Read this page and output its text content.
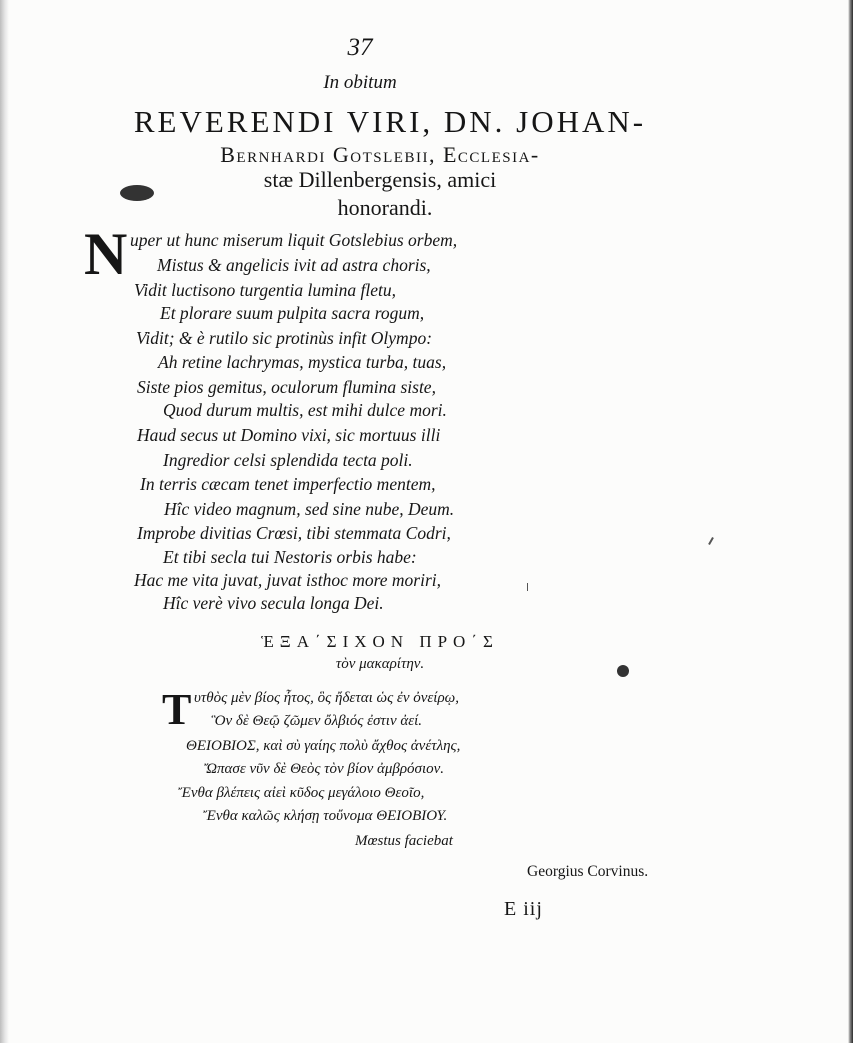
37
In obitum
REVERENDI VIRI, DN. JOHAN-
Bernhardi Gotslebii, Ecclesia-
stæ Dillenbergensis, amici
honorandi.
N uper ut hunc miserum liquit Gotslebius orbem,
Mistus & angelicis ivit ad astra choris,
Vidit luctisono turgentia lumina fletu,
Et plorare suum pulpita sacra rogum,
Vidit; & è rutilo sic protinùs infit Olympo:
Ah retine lachrymas, mystica turba, tuas,
Siste pios gemitus, oculorum flumina siste,
Quod durum multis, est mihi dulce mori.
Haud secus ut Domino vixi, sic mortuus illi
Ingredior celsi splendida tecta poli.
In terris cæcam tenet imperfectio mentem,
Hîc video magnum, sed sine nube, Deum.
Improbe divitias Crœsi, tibi stemmata Codri,
Et tibi secla tui Nestoris orbis habe:
Hac me vita juvat, juvat isthoc more moriri,
Hîc verè vivo secula longa Dei.
ἙΞΑ΄ΣΙΧΟΝ ΠΡΟ΄Σ
τὸν μακαρίτην.
Τ υτθὸς μὲν βίος ἦτος, ὃς ἤδεται ὡς ἐν ὀνείρῳ,
Ὃν δὲ Θεῷ ζῶμεν ὄλβιός ἐστιν ἀεί.
ΘΕΙΟΒΙΟΣ, καὶ σὺ γαίης πολὺ ἄχθος ἀνέτλης,
Ὤπασε νῦν δὲ Θεὸς τὸν βίον ἀμβρόσιον.
Ἔνθα βλέπεις αἰεὶ κῦδος μεγάλοιο Θεοῖο,
Ἔνθα καλῶς κλήσῃ τοὔνομα ΘΕΙΟΒΙΟΥ.
Mœstus faciebat
Georgius Corvinus.
E iij
